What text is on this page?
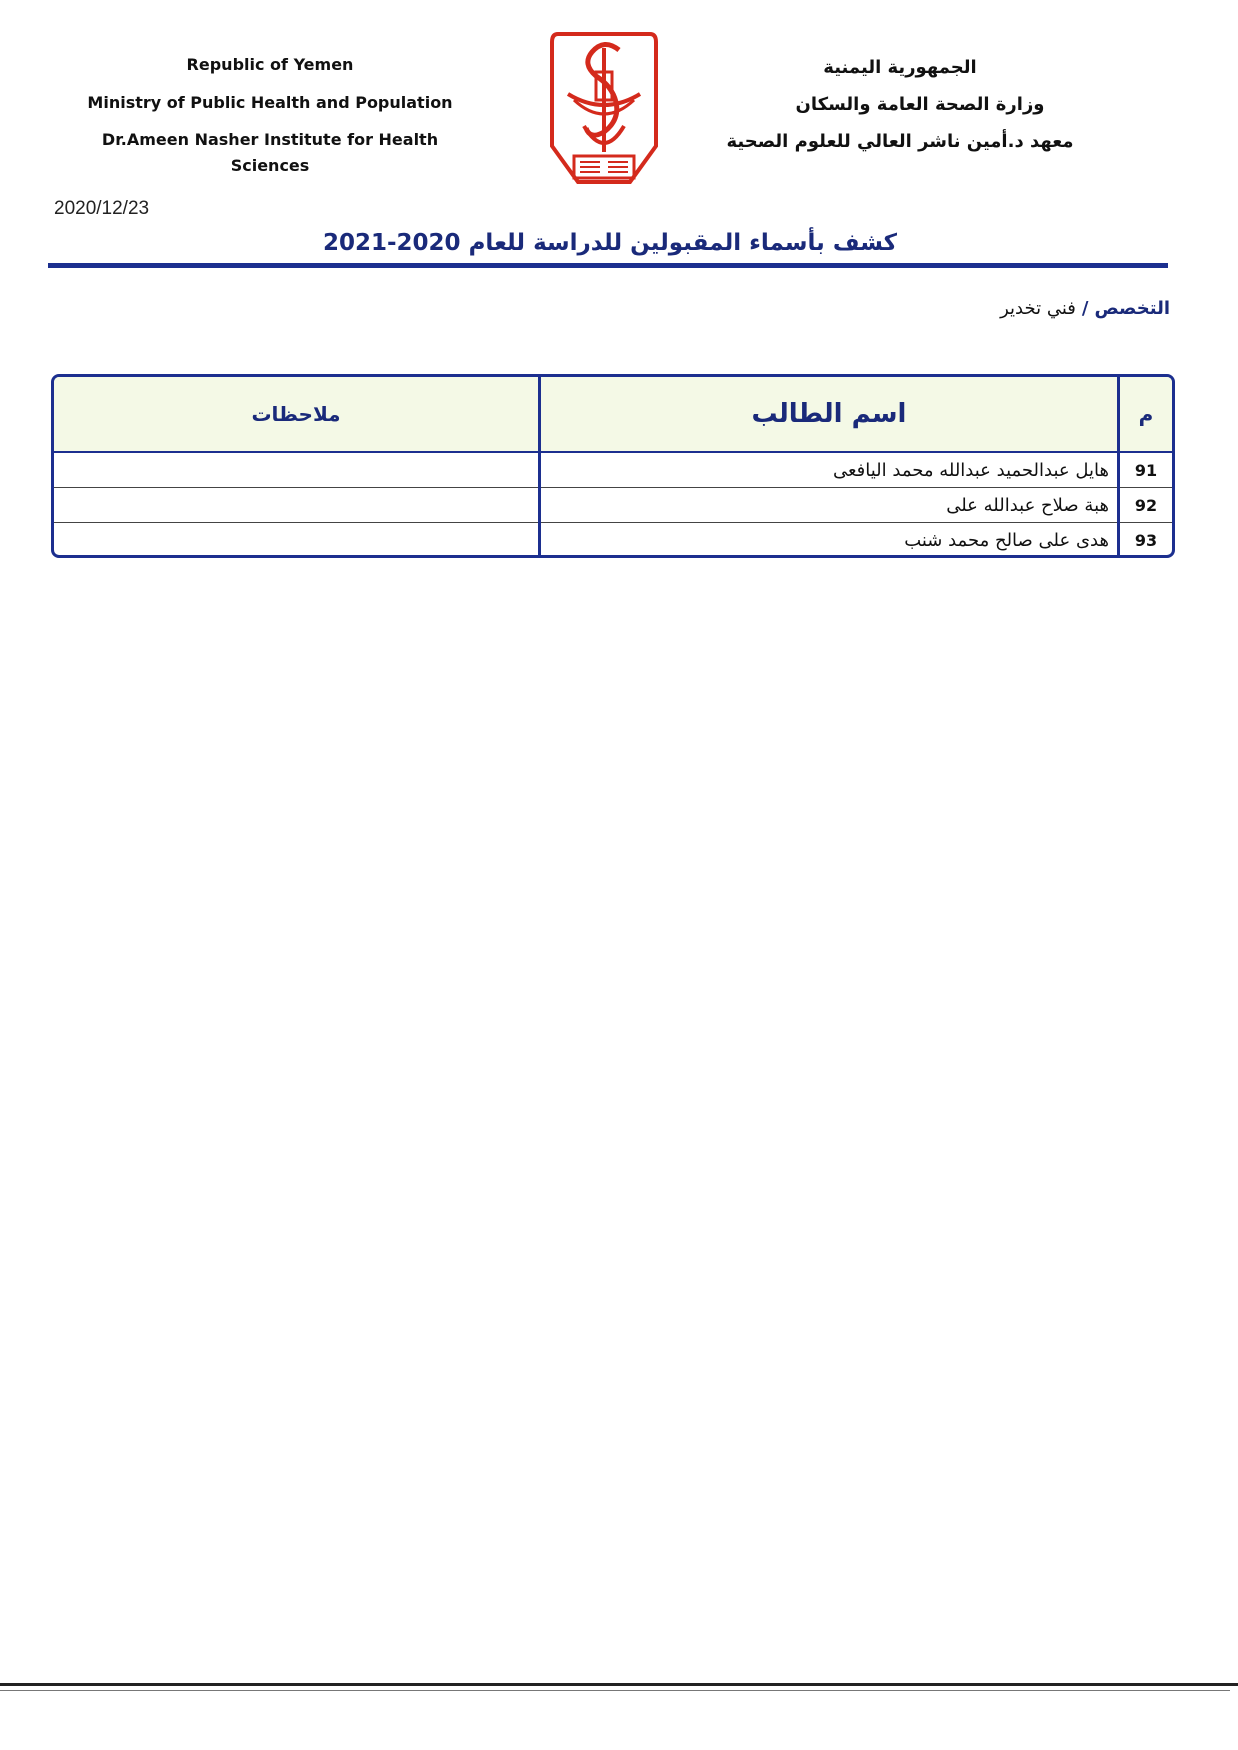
Republic of Yemen
Ministry of Public Health and Population
Dr.Ameen Nasher Institute for Health Sciences
الجمهورية اليمنية
وزارة الصحة العامة والسكان
معهد د.أمين ناشر العالي للعلوم الصحية
2020/12/23
كشف بأسماء المقبولين للدراسة للعام 2020-2021
التخصص/فني تخدير
م	اسم الطالب	ملاحظات
91	هايل عبدالحميد عبدالله محمد اليافعى	
92	هبة صلاح عبدالله على	
93	هدى على صالح محمد شنب	
